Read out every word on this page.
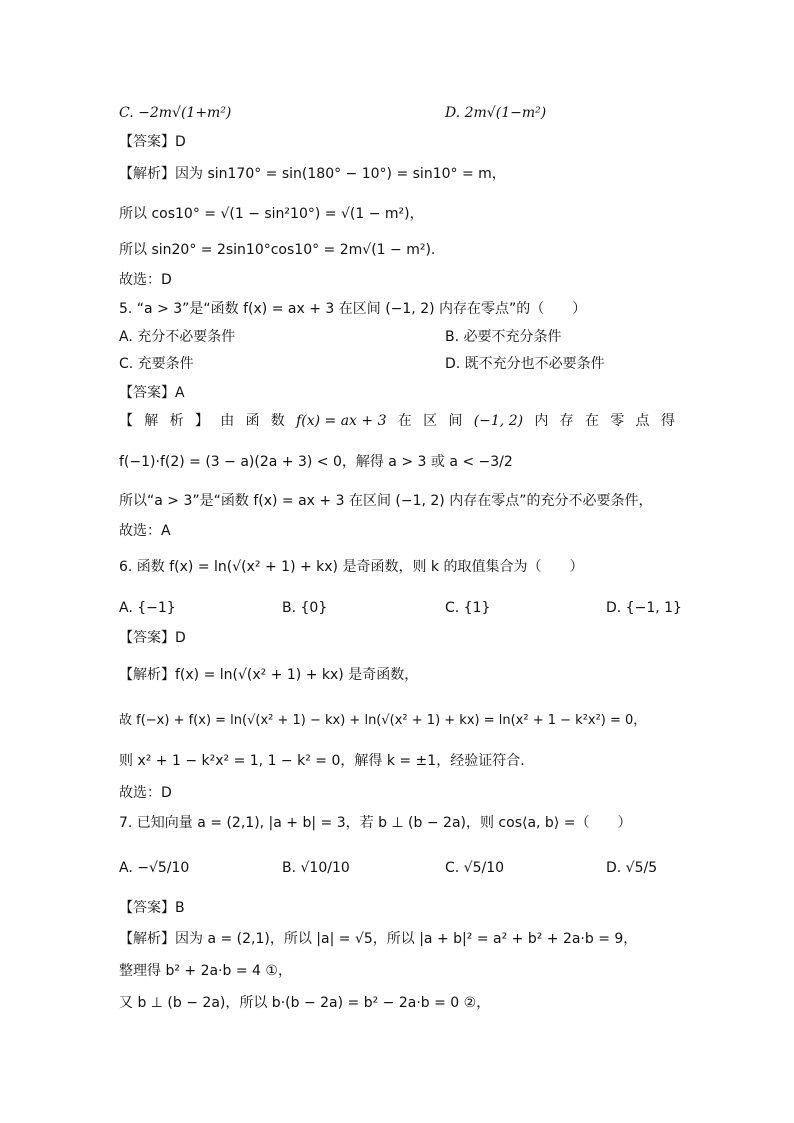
C. −2m√(1+m²)	D. 2m√(1−m²)
【答案】D
【解析】因为 sin170° = sin(180° − 10°) = sin10° = m，
所以 cos10° = √(1 − sin²10°) = √(1 − m²)，
所以 sin20° = 2sin10°cos10° = 2m√(1 − m²).
故选：D
5. “a > 3”是“函数 f(x) = ax + 3 在区间 (−1, 2) 内存在零点”的（　　）
A. 充分不必要条件	B. 必要不充分条件
C. 充要条件	D. 既不充分也不必要条件
【答案】A
【 解 析 】 由 函 数 f(x) = ax + 3 在 区 间 (−1, 2) 内 存 在 零 点 得
f(−1)·f(2) = (3 − a)(2a + 3) < 0，解得 a > 3 或 a < −3/2
所以“a > 3”是“函数 f(x) = ax + 3 在区间 (−1, 2) 内存在零点”的充分不必要条件，
故选：A
6. 函数 f(x) = ln(√(x² + 1) + kx) 是奇函数，则 k 的取值集合为（　　）
A. {−1}	B. {0}	C. {1}	D. {−1, 1}
【答案】D
【解析】f(x) = ln(√(x² + 1) + kx) 是奇函数，
故 f(−x) + f(x) = ln(√(x² + 1) − kx) + ln(√(x² + 1) + kx) = ln(x² + 1 − k²x²) = 0，
则 x² + 1 − k²x² = 1, 1 − k² = 0，解得 k = ±1，经验证符合.
故选：D
7. 已知向量 a = (2,1), |a + b| = 3，若 b ⊥ (b − 2a)，则 cos⟨a, b⟩ =（　　）
A. −√5/10	B. √10/10	C. √5/10	D. √5/5
【答案】B
【解析】因为 a = (2,1)，所以 |a| = √5，所以 |a + b|² = a² + b² + 2a·b = 9，
整理得 b² + 2a·b = 4 ①，
又 b ⊥ (b − 2a)，所以 b·(b − 2a) = b² − 2a·b = 0 ②，
